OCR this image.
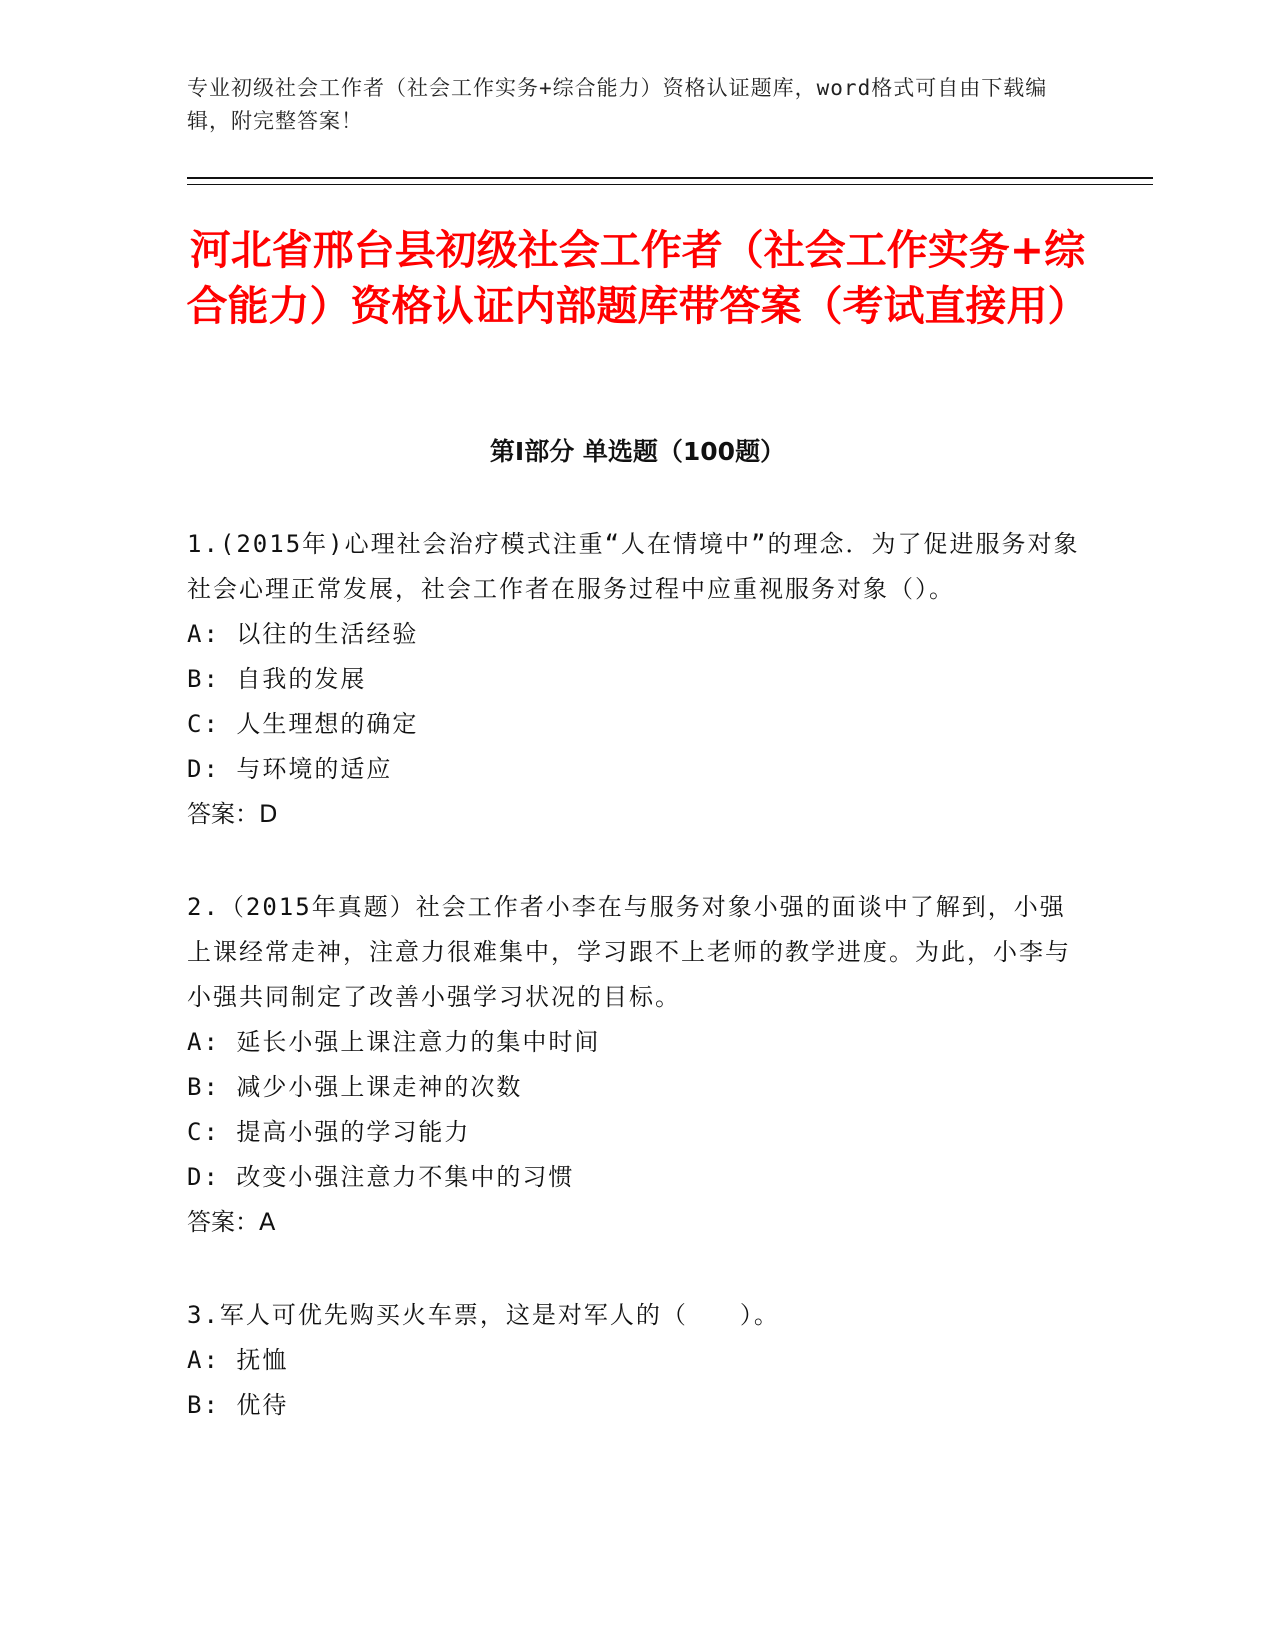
专业初级社会工作者（社会工作实务+综合能力）资格认证题库，word格式可自由下载编辑，附完整答案！
河北省邢台县初级社会工作者（社会工作实务+综合能力）资格认证内部题库带答案（考试直接用）
第I部分 单选题（100题）

1.(2015年)心理社会治疗模式注重“人在情境中”的理念．为了促进服务对象社会心理正常发展，社会工作者在服务过程中应重视服务对象（）。

A: 以往的生活经验

B: 自我的发展

C: 人生理想的确定

D: 与环境的适应

答案：D

2.（2015年真题）社会工作者小李在与服务对象小强的面谈中了解到，小强上课经常走神，注意力很难集中，学习跟不上老师的教学进度。为此，小李与小强共同制定了改善小强学习状况的目标。

A: 延长小强上课注意力的集中时间

B: 减少小强上课走神的次数

C: 提高小强的学习能力

D: 改变小强注意力不集中的习惯

答案：A

3.军人可优先购买火车票，这是对军人的（　　）。

A: 抚恤

B: 优待
